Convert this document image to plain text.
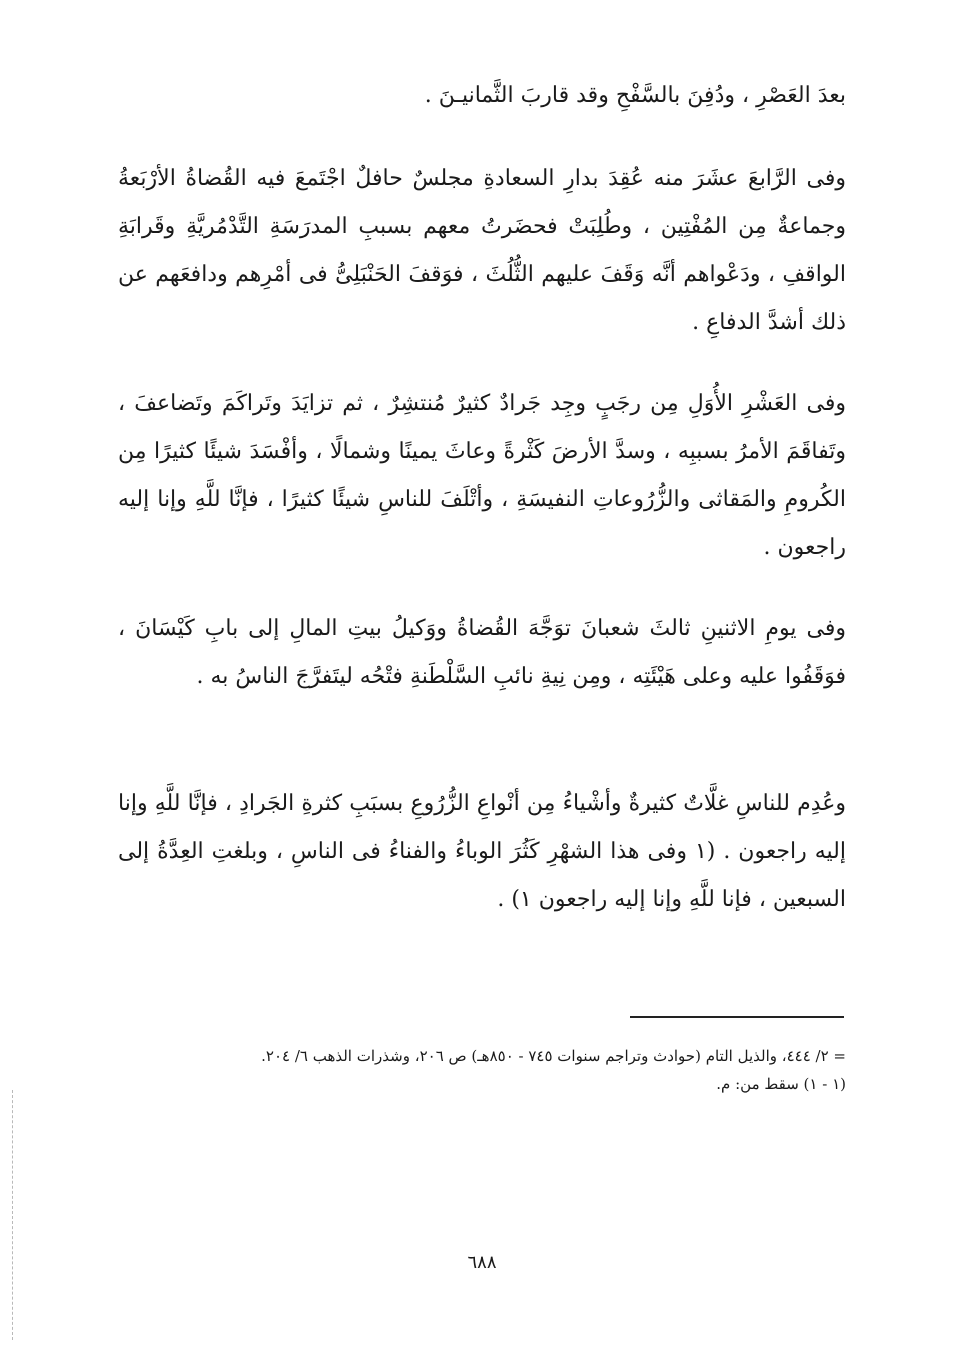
بعدَ العَصْرِ ، ودُفِنَ بالسَّفْحِ وقد قاربَ الثَّمانيـنَ .

وفى الرَّابعَ عشَرَ منه عُقِدَ بدارِ السعادةِ مجلسٌ حافلٌ اجْتَمعَ فيه القُضاةُ الأرْبَعةُ وجماعةٌ مِن المُفْتِين ، وطُلِبَتْ فحضَرتُ معهم بسببِ المدرَسَةِ التَّدْمُريَّةِ وقَرابَةِ الواقفِ ، ودَعْواهم أنَّه وَقَفَ عليهم الثُّلُثَ ، فوَقفَ الحَنْبَلِىُّ فى أمْرِهم ودافعَهم عن ذلك أشدَّ الدفاعِ .

وفى العَشْرِ الأُوَلِ مِن رجَبٍ وجِد جَرادٌ كثيرٌ مُنتشِرٌ ، ثم تزايَدَ وتَراكَمَ وتَضاعفَ ، وتَفاقَمَ الأمرُ بسببِه ، وسدَّ الأرضَ كَثْرةً وعاثَ يمينًا وشمالًا ، وأفْسَدَ شيئًا كثيرًا مِن الكُرومِ والمَقاثى والزُّرُوعاتِ النفيسَةِ ، وأتْلَفَ للناسِ شيئًا كثيرًا ، فإنَّا للَّهِ وإنا إليه راجعون .

وفى يومِ الاثنينِ ثالثَ شعبانَ توَجَّهَ القُضاةُ ووَكيلُ بيتِ المالِ إلى بابِ كَيْسَانَ ، فوَقَفُوا عليه وعلى هَيْئَتِه ، ومِن نِيةِ نائبِ السَّلْطَنةِ فتْحُه ليتَفرَّجَ الناسُ به .

وعُدِم للناسِ غلَّاتٌ كثيرةٌ وأشْياءُ مِن أنْواعِ الزُّرُوعِ بسبَبِ كثرةِ الجَرادِ ، فإنَّا للَّهِ وإنا إليه راجعون . (١ وفى هذا الشهْرِ كَثُرَ الوباءُ والفناءُ فى الناسِ ، وبلغتِ العِدَّةُ إلى السبعين ، فإنا للَّهِ وإنا إليه راجعون ١) .

= ٢/ ٤٤٤، والذيل التام (حوادث وتراجم سنوات ٧٤٥ - ٨٥٠هـ) ص ٢٠٦، وشذرات الذهب ٦/ ٢٠٤.

(١ - ١) سقط من: م.

٦٨٨
